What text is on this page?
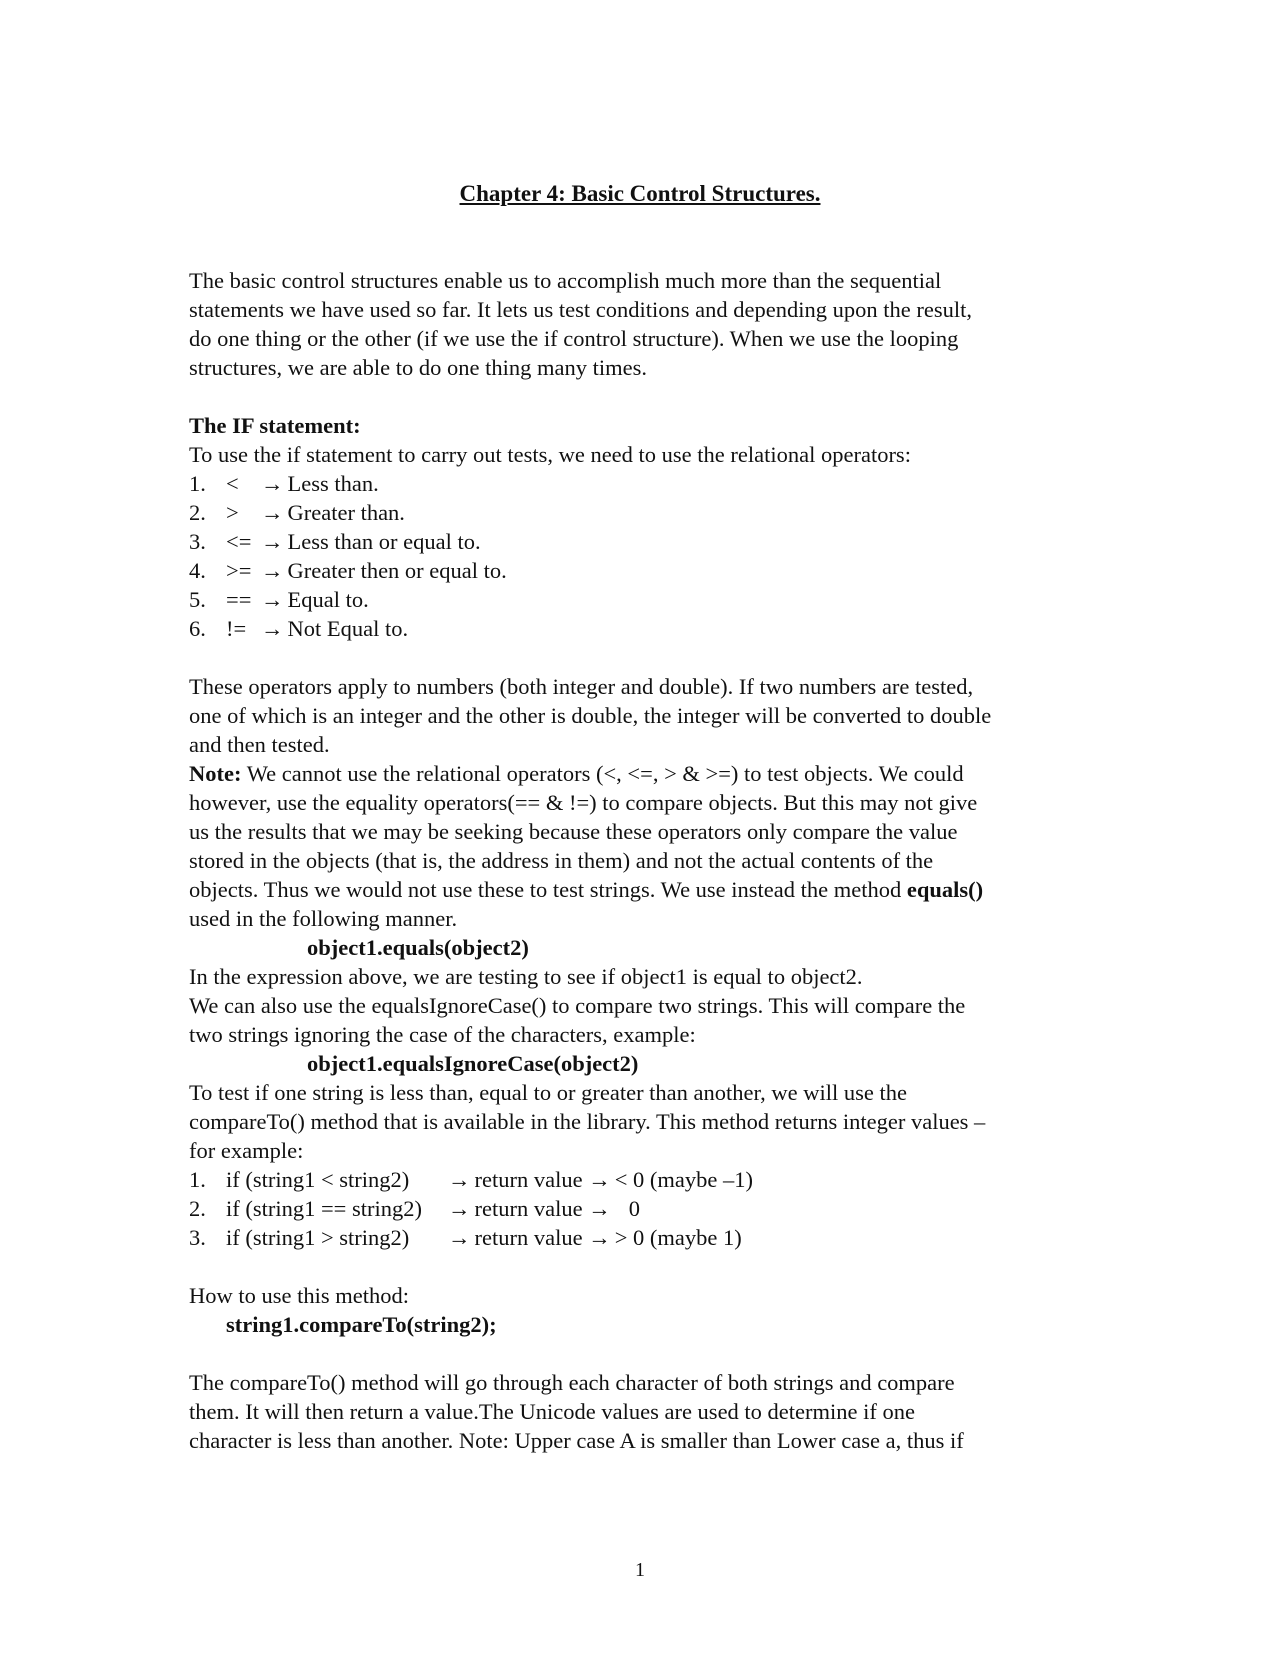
Chapter 4: Basic Control Structures.
The basic control structures enable us to accomplish much more than the sequential
statements we have used so far. It lets us test conditions and depending upon the result,
do one thing or the other (if we use the if control structure). When we use the looping
structures, we are able to do one thing many times.
The IF statement:
To use the if statement to carry out tests, we need to use the relational operators:
1. < → Less than.
2. > → Greater than.
3. <= → Less than or equal to.
4. >= → Greater then or equal to.
5. == → Equal to.
6. != → Not Equal to.
These operators apply to numbers (both integer and double). If two numbers are tested,
one of which is an integer and the other is double, the integer will be converted to double
and then tested.
Note: We cannot use the relational operators (<, <=, > & >=) to test objects. We could
however, use the equality operators(== & !=) to compare objects. But this may not give
us the results that we may be seeking because these operators only compare the value
stored in the objects (that is, the address in them) and not the actual contents of the
objects. Thus we would not use these to test strings. We use instead the method equals()
used in the following manner.
object1.equals(object2)
In the expression above, we are testing to see if object1 is equal to object2.
We can also use the equalsIgnoreCase() to compare two strings. This will compare the
two strings ignoring the case of the characters, example:
object1.equalsIgnoreCase(object2)
To test if one string is less than, equal to or greater than another, we will use the
compareTo() method that is available in the library. This method returns integer values –
for example:
1. if (string1 < string2) → return value → < 0 (maybe –1)
2. if (string1 == string2) → return value → 0
3. if (string1 > string2) → return value → > 0 (maybe 1)
How to use this method:
string1.compareTo(string2);
The compareTo() method will go through each character of both strings and compare
them. It will then return a value.The Unicode values are used to determine if one
character is less than another. Note: Upper case A is smaller than Lower case a, thus if
1
